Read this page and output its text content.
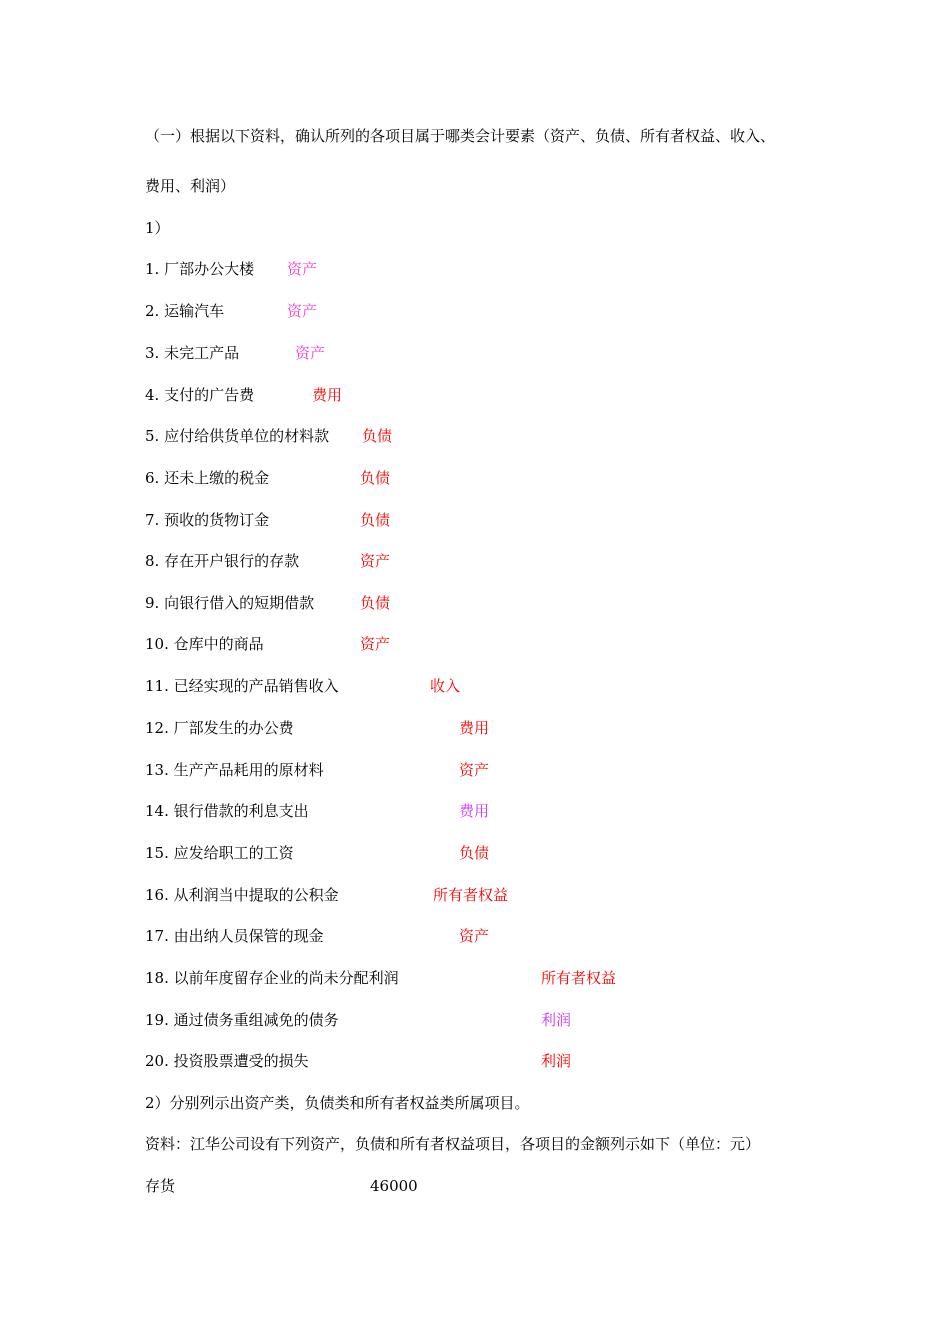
（一）根据以下资料，确认所列的各项目属于哪类会计要素（资产、负债、所有者权益、收入、
费用、利润）
1）
1. 厂部办公大楼 资产
2. 运输汽车	资产
3. 未完工产品	资产
4. 支付的广告费	费用
5. 应付给供货单位的材料款 负债
6. 还未上缴的税金	负债
7. 预收的货物订金	负债
8. 存在开户银行的存款	资产
9. 向银行借入的短期借款	负债
10. 仓库中的商品	资产
11. 已经实现的产品销售收入	收入
12. 厂部发生的办公费	费用
13. 生产产品耗用的原材料	资产
14. 银行借款的利息支出	费用
15. 应发给职工的工资	负债
16. 从利润当中提取的公积金	所有者权益
17. 由出纳人员保管的现金	资产
18. 以前年度留存企业的尚未分配利润	所有者权益
19. 通过债务重组减免的债务	利润
20. 投资股票遭受的损失	利润
2）分别列示出资产类，负债类和所有者权益类所属项目。
资料：江华公司设有下列资产，负债和所有者权益项目，各项目的金额列示如下（单位：元）
存货	46000
